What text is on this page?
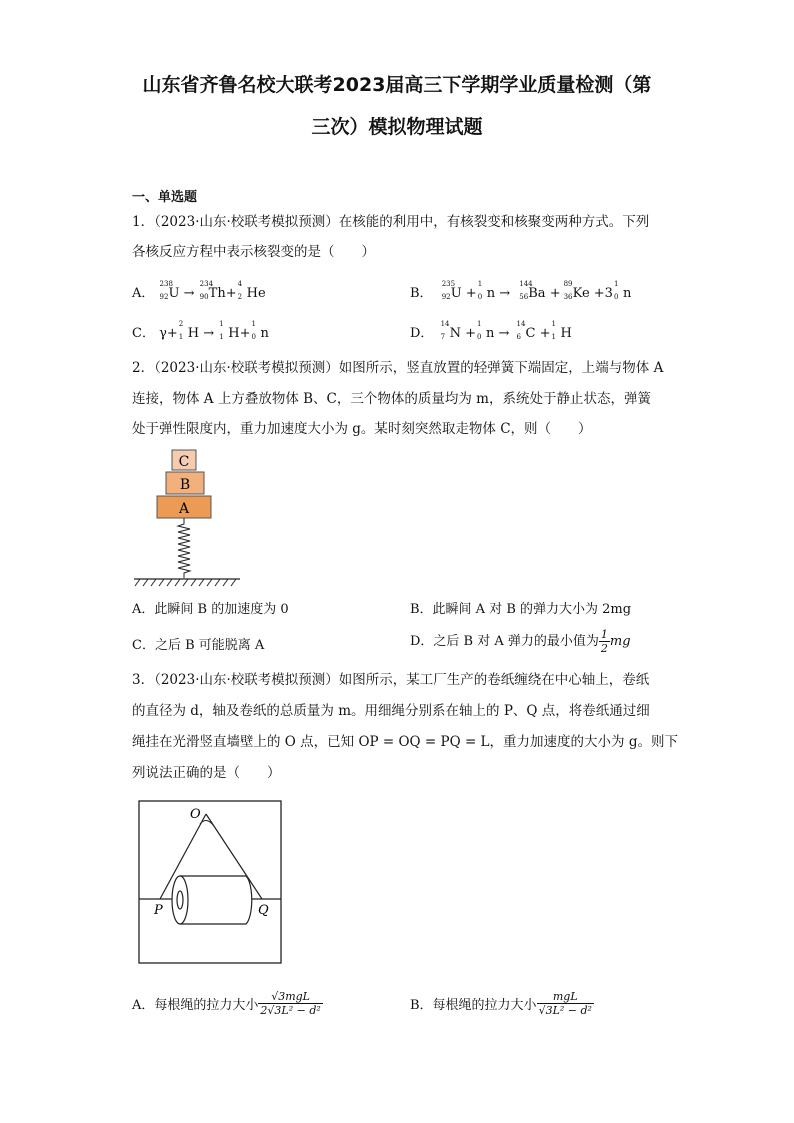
山东省齐鲁名校大联考2023届高三下学期学业质量检测（第
三次）模拟物理试题
一、单选题
1．（2023·山东·校联考模拟预测）在核能的利用中，有核裂变和核聚变两种方式。下列
各核反应方程中表示核裂变的是（　　）
A．
238
92 U →
234
90 Th+
4
2 He	B．
235
92 U +
1
0 n →
144
56 Ba +
89
36 Ke +3
1
0 n
C． γ+
2
1 H →
1
1 H+
1
0 n	D．
14
7 N +
1
0 n →
14
6 C +
1
1 H
2．（2023·山东·校联考模拟预测）如图所示，竖直放置的轻弹簧下端固定，上端与物体 A
连接，物体 A 上方叠放物体 B、C，三个物体的质量均为 m，系统处于静止状态，弹簧
处于弹性限度内，重力加速度大小为 g。某时刻突然取走物体 C，则（　　）
C
B
A
A．此瞬间 B 的加速度为 0	B．此瞬间 A 对 B 的弹力大小为 2mg
C．之后 B 可能脱离 A	D．之后 B 对 A 弹力的最小值为 $\frac{1}{2}$ mg
3．（2023·山东·校联考模拟预测）如图所示，某工厂生产的卷纸缠绕在中心轴上，卷纸
的直径为 d，轴及卷纸的总质量为 m。用细绳分别系在轴上的 P、Q 点，将卷纸通过细
绳挂在光滑竖直墙壁上的 O 点，已知 OP = OQ = PQ = L，重力加速度的大小为 g。则下
列说法正确的是（　　）
O
P	Q
A．每根绳的拉力大小 $\frac{\text{√3mgL}}{\text{2√3L² − d²}}$	B．每根绳的拉力大小 $\frac{\text{mgL}}{\text{√3L² − d²}}$
